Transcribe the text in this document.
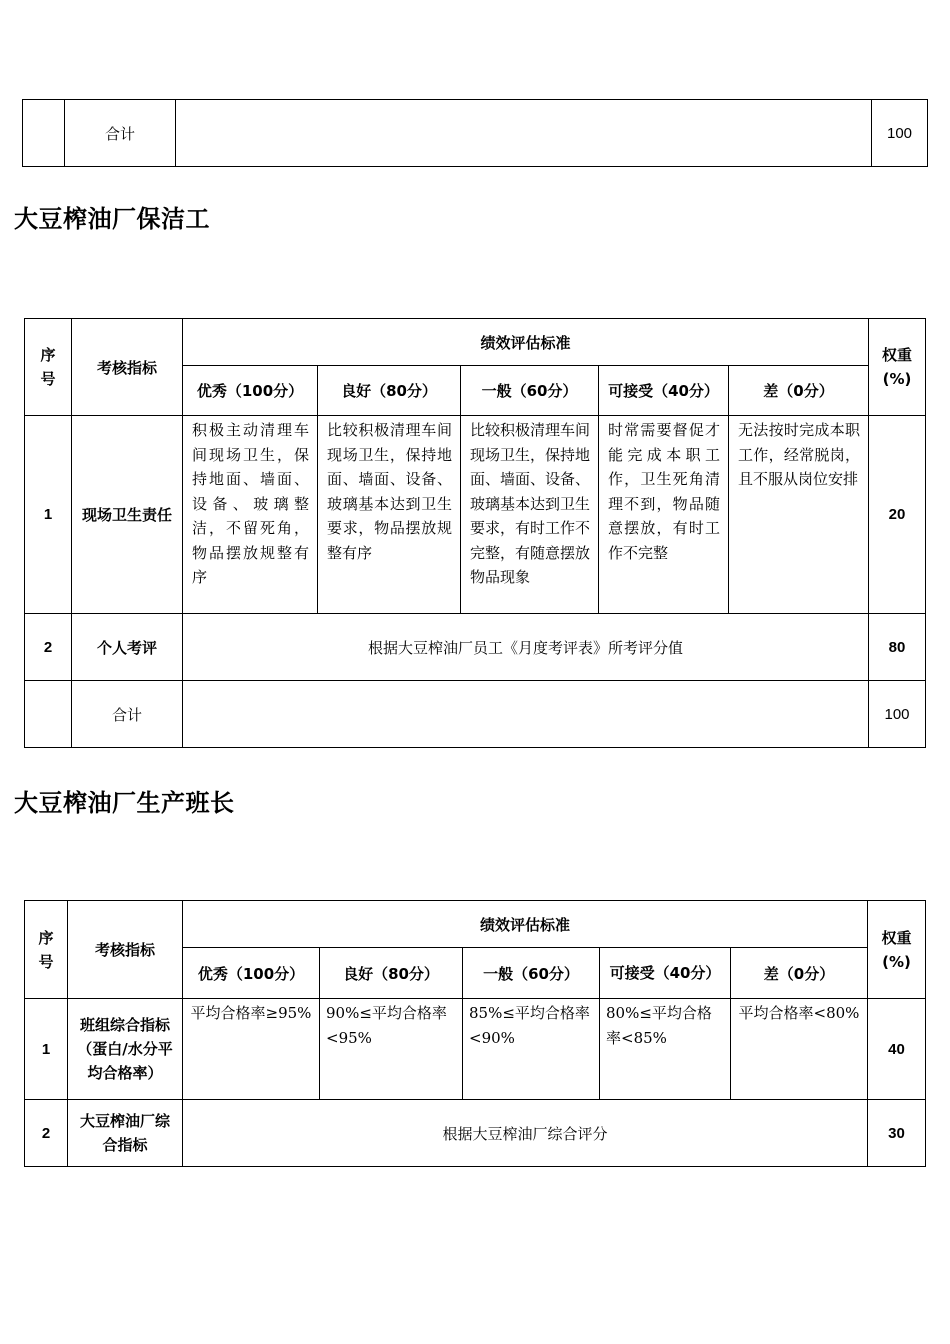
	合计		100
大豆榨油厂保洁工
序号	考核指标	绩效评估标准					权重(%)
		优秀（100分）	良好（80分）	一般（60分）	可接受（40分）	差（0分）	
1	现场卫生责任	积极主动清理车间现场卫生，保持地面、墙面、设备、玻璃整洁，不留死角，物品摆放规整有序	比较积极清理车间现场卫生，保持地面、墙面、设备、玻璃基本达到卫生要求，物品摆放规整有序	比较积极清理车间现场卫生，保持地面、墙面、设备、玻璃基本达到卫生要求，有时工作不完整，有随意摆放物品现象	时常需要督促才能完成本职工作，卫生死角清理不到，物品随意摆放，有时工作不完整	无法按时完成本职工作，经常脱岗，且不服从岗位安排	20
2	个人考评	根据大豆榨油厂员工《月度考评表》所考评分值					80
	合计						100
大豆榨油厂生产班长
序号	考核指标	绩效评估标准					权重(%)
		优秀（100分）	良好（80分）	一般（60分）	可接受（40分）	差（0分）	
1	班组综合指标（蛋白/水分平均合格率）	平均合格率≥95%	90%≤平均合格率<95%	85%≤平均合格率<90%	80%≤平均合格率<85%	平均合格率<80%	40
2	大豆榨油厂综合指标	根据大豆榨油厂综合评分					30
